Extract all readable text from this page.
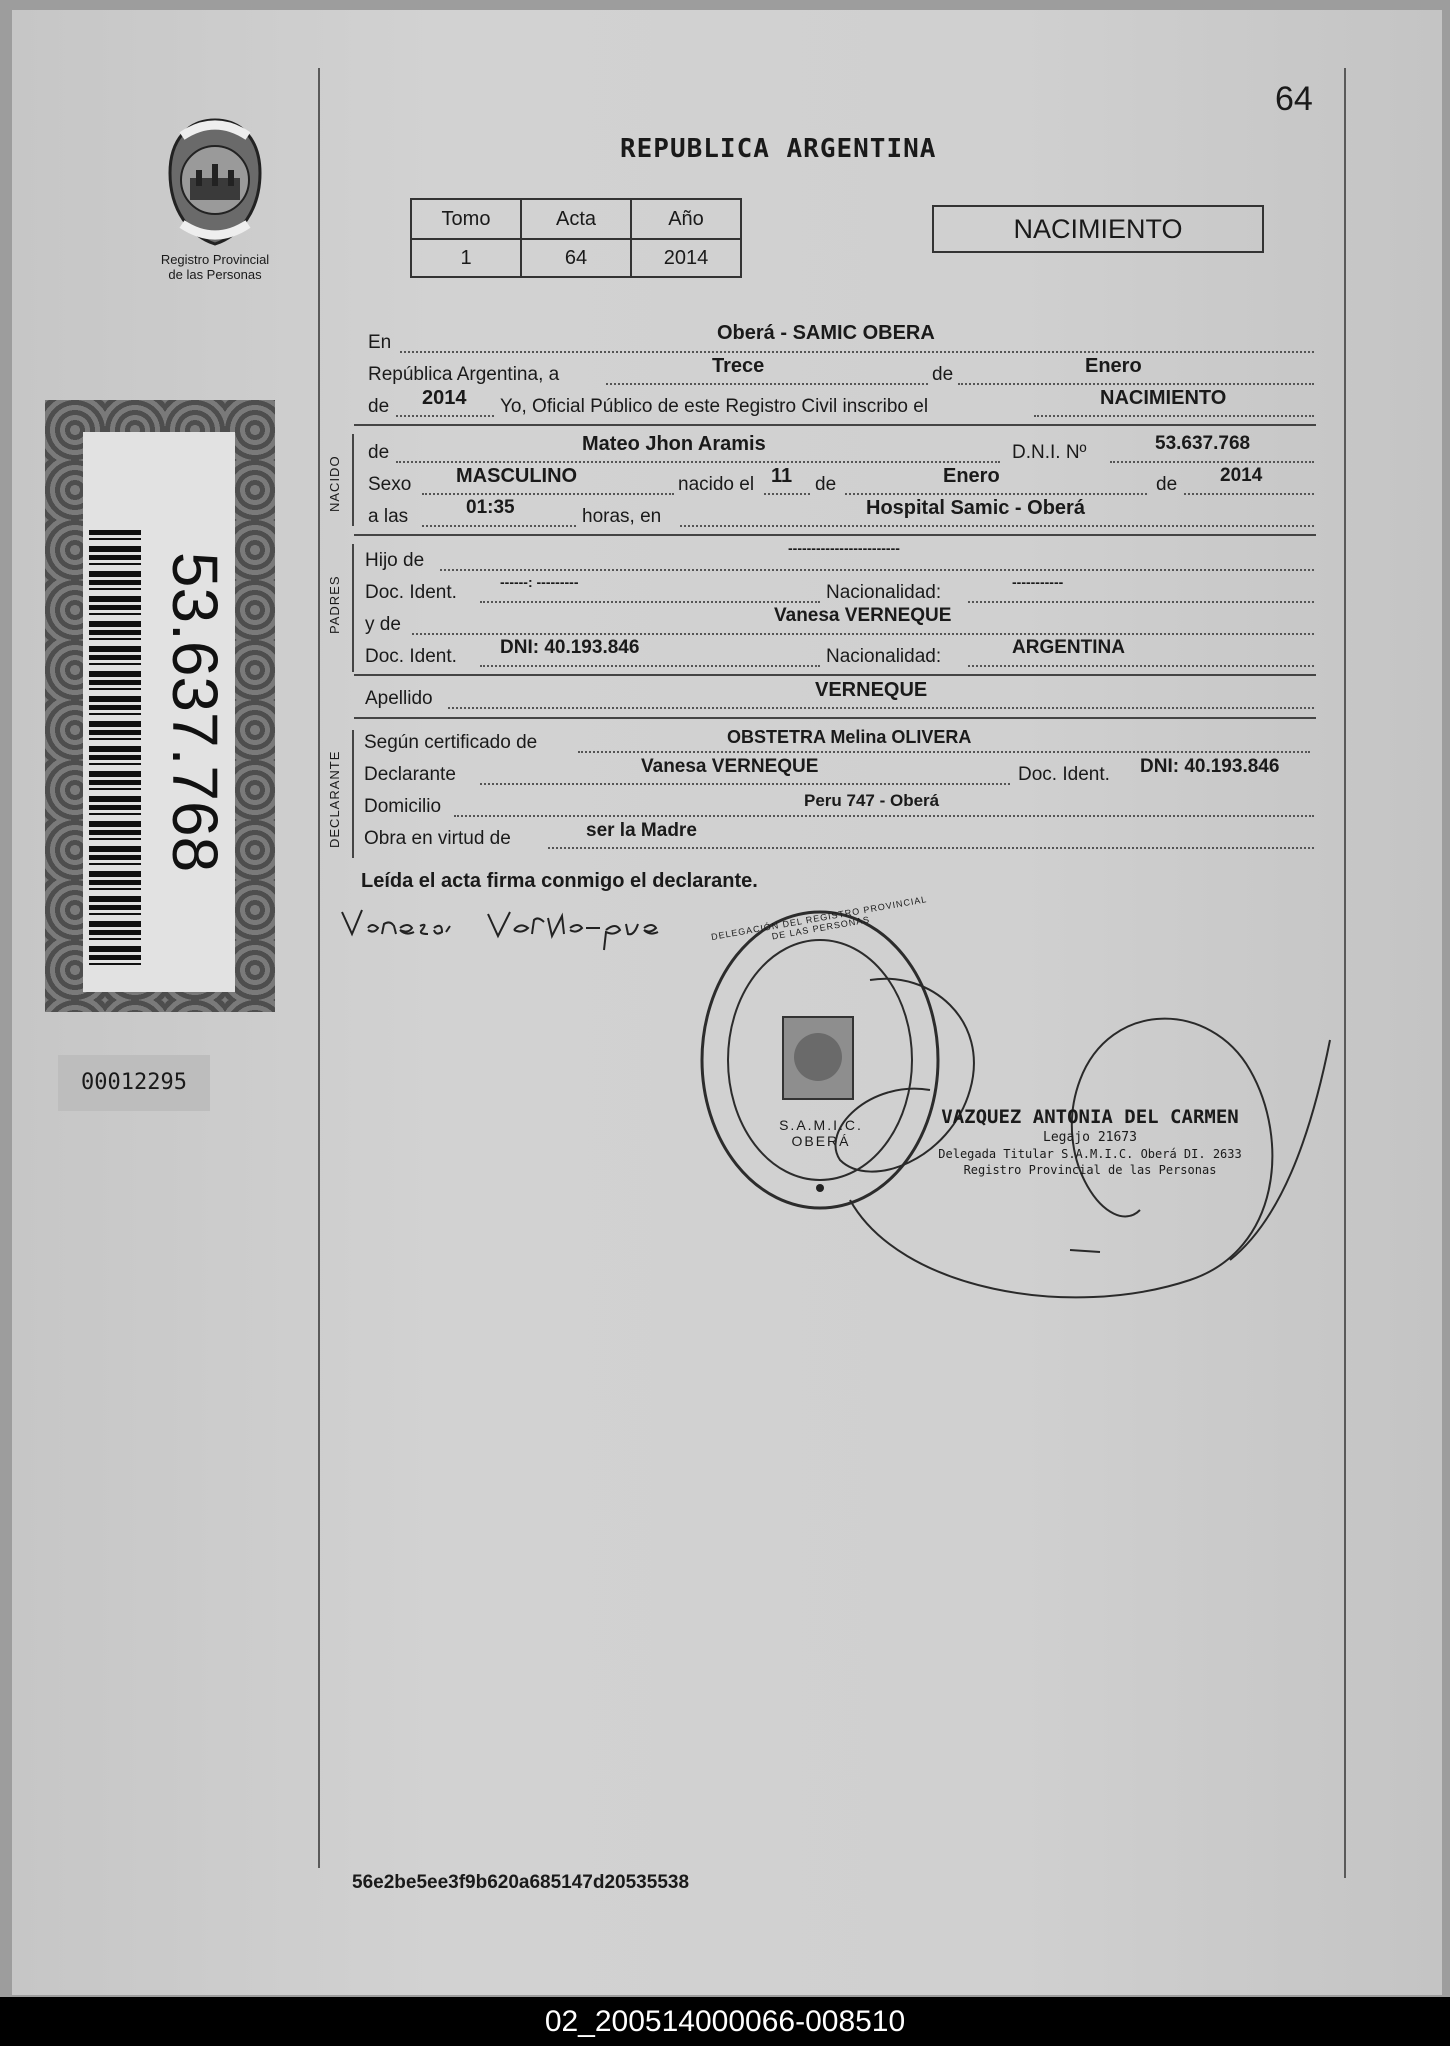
64
Registro Provincial
de las Personas
53.637.768
00012295
REPUBLICA ARGENTINA
Tomo	Acta	Año
1	64	2014
NACIMIENTO
En	Oberá - SAMIC OBERA
República Argentina, a	Trece	de	Enero
de 2014 Yo, Oficial Público de este Registro Civil inscribo el	NACIMIENTO
NACIDO
de	Mateo Jhon Aramis	D.N.I. Nº	53.637.768
Sexo MASCULINO	nacido el 11 de	Enero	de 2014
a las	01:35	horas, en	Hospital Samic - Oberá
PADRES
Hijo de
------------------------
Doc. Ident.	------: ---------	Nacionalidad:	-----------
y de	Vanesa VERNEQUE
Doc. Ident. DNI: 40.193.846	Nacionalidad:	ARGENTINA
Apellido	VERNEQUE
DECLARANTE
Según certificado de	OBSTETRA Melina OLIVERA
Declarante	Vanesa VERNEQUE	Doc. Ident. DNI: 40.193.846
Domicilio	Peru 747 - Oberá
Obra en virtud de	ser la Madre
Leída el acta firma conmigo el declarante.
DELEGACIÓN DEL REGISTRO PROVINCIAL DE LAS PERSONAS
S.A.M.I.C. OBERÁ
VAZQUEZ ANTONIA DEL CARMEN
Legajo 21673
Delegada Titular S.A.M.I.C. Oberá DI. 2633
Registro Provincial de las Personas
56e2be5ee3f9b620a685147d20535538
02_200514000066-008510
